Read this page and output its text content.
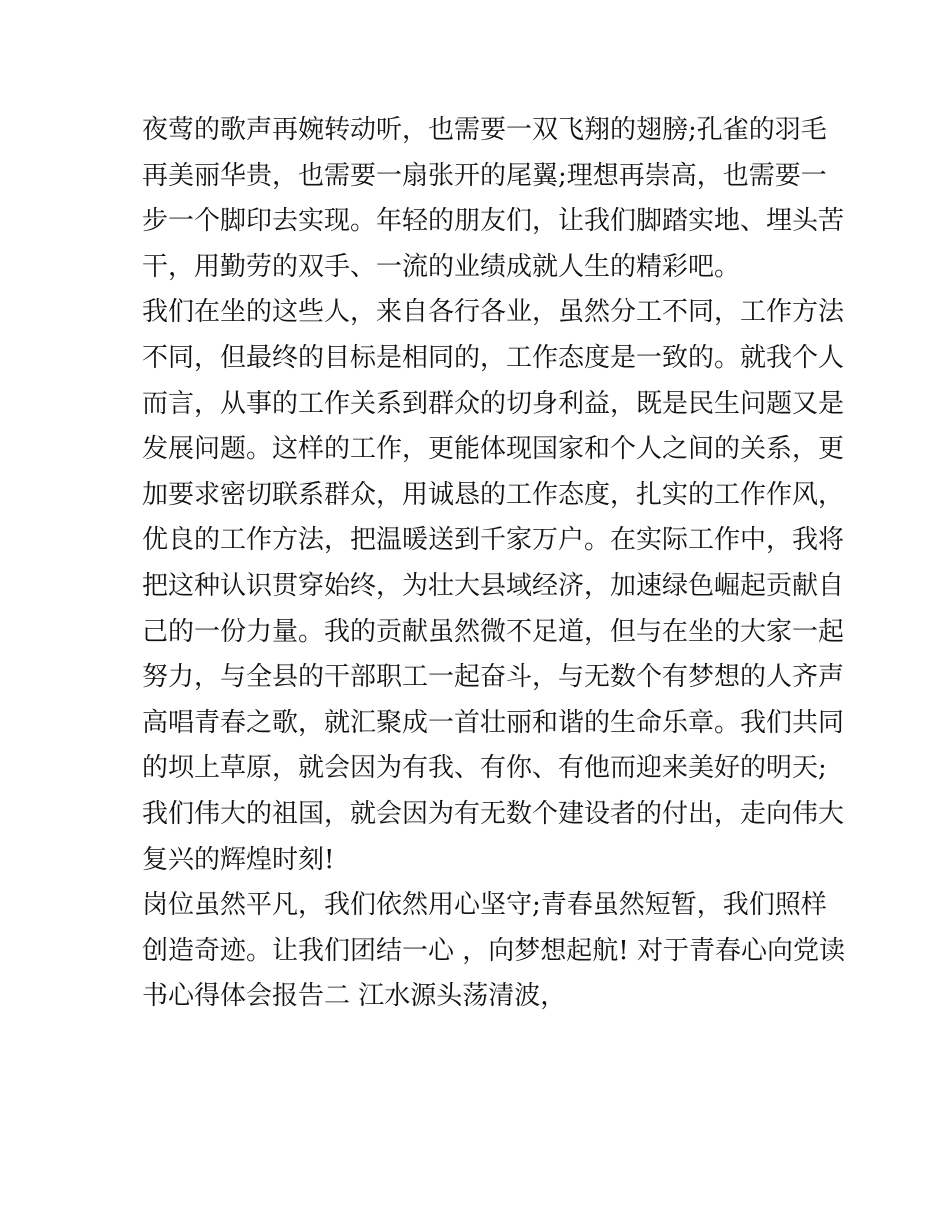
夜莺的歌声再婉转动听，也需要一双飞翔的翅膀;孔雀的羽毛
再美丽华贵，也需要一扇张开的尾翼;理想再崇高，也需要一
步一个脚印去实现。年轻的朋友们，让我们脚踏实地、埋头苦
干，用勤劳的双手、一流的业绩成就人生的精彩吧。
我们在坐的这些人，来自各行各业，虽然分工不同，工作方法
不同，但最终的目标是相同的，工作态度是一致的。就我个人
而言，从事的工作关系到群众的切身利益，既是民生问题又是
发展问题。这样的工作，更能体现国家和个人之间的关系，更
加要求密切联系群众，用诚恳的工作态度，扎实的工作作风，
优良的工作方法，把温暖送到千家万户。在实际工作中，我将
把这种认识贯穿始终，为壮大县域经济，加速绿色崛起贡献自
己的一份力量。我的贡献虽然微不足道，但与在坐的大家一起
努力，与全县的干部职工一起奋斗，与无数个有梦想的人齐声
高唱青春之歌，就汇聚成一首壮丽和谐的生命乐章。我们共同
的坝上草原，就会因为有我、有你、有他而迎来美好的明天;
我们伟大的祖国，就会因为有无数个建设者的付出，走向伟大
复兴的辉煌时刻!
岗位虽然平凡，我们依然用心坚守;青春虽然短暂，我们照样
创造奇迹。让我们团结一心 ，向梦想起航! 对于青春心向党读
书心得体会报告二 江水源头荡清波，
